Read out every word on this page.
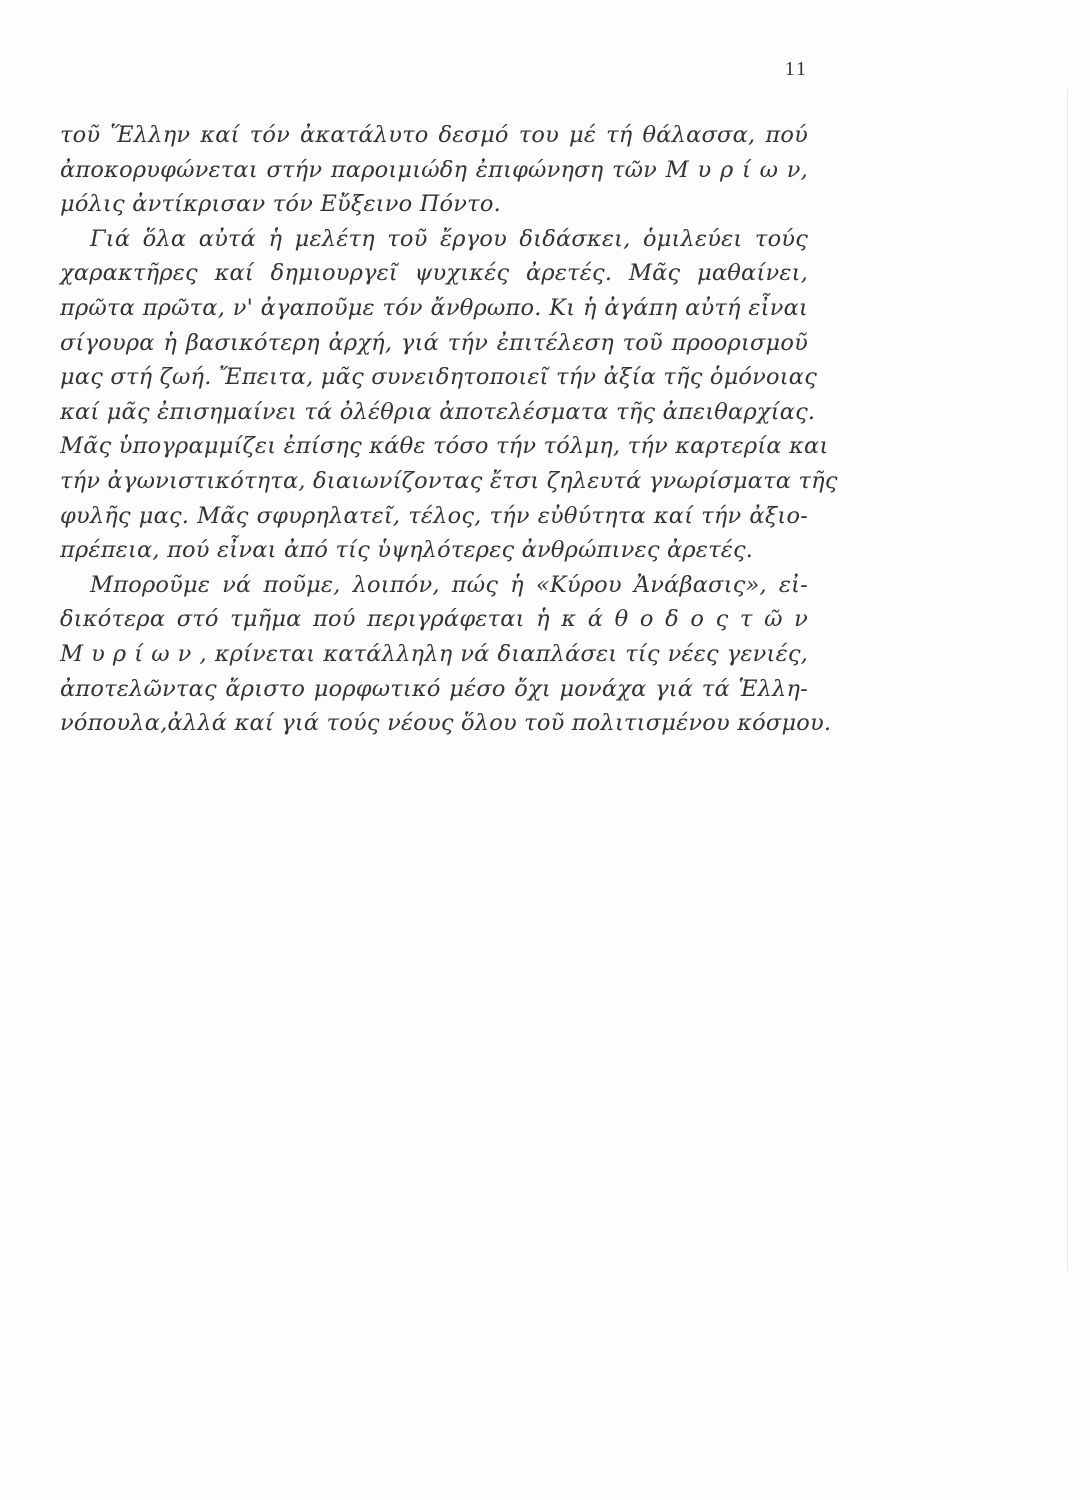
11
τοῦ Ἕλλην καί τόν ἀκατάλυτο δεσμό του μέ τή θάλασσα, πού
ἀποκορυφώνεται στήν παροιμιώδη ἐπιφώνηση τῶν Μ υ ρ ί ω ν,
μόλις ἀντίκρισαν τόν Εὔξεινο Πόντο.
Γιά ὅλα αὐτά ἡ μελέτη τοῦ ἔργου διδάσκει, ὁμιλεύει τούς
χαρακτῆρες καί δημιουργεῖ ψυχικές ἀρετές. Μᾶς μαθαίνει,
πρῶτα πρῶτα, ν' ἀγαποῦμε τόν ἄνθρωπο. Κι ἡ ἀγάπη αὐτή εἶναι
σίγουρα ἡ βασικότερη ἀρχή, γιά τήν ἐπιτέλεση τοῦ προορισμοῦ
μας στή ζωή. Ἔπειτα, μᾶς συνειδητοποιεῖ τήν ἀξία τῆς ὁμόνοιας
καί μᾶς ἐπισημαίνει τά ὀλέθρια ἀποτελέσματα τῆς ἀπειθαρχίας.
Μᾶς ὑπογραμμίζει ἐπίσης κάθε τόσο τήν τόλμη, τήν καρτερία και
τήν ἀγωνιστικότητα, διαιωνίζοντας ἔτσι ζηλευτά γνωρίσματα τῆς
φυλῆς μας. Μᾶς σφυρηλατεῖ, τέλος, τήν εὐθύτητα καί τήν ἀξιο-
πρέπεια, πού εἶναι ἀπό τίς ὑψηλότερες ἀνθρώπινες ἀρετές.
Μπορoῦμε νά ποῦμε, λοιπόν, πώς ἡ «Κύρου Ἀνάβασις», εἰ-
δικότερα στό τμῆμα πού περιγράφεται ἡ κ ά θ ο δ ο ς τ ῶ ν
Μ υ ρ ί ω ν , κρίνεται κατάλληλη νά διαπλάσει τίς νέες γενιές,
ἀποτελῶντας ἄριστο μορφωτικό μέσο ὄχι μονάχα γιά τά Ἑλλη-
νόπουλα,ἀλλά καί γιά τούς νέους ὅλου τοῦ πολιτισμένου κόσμου.
